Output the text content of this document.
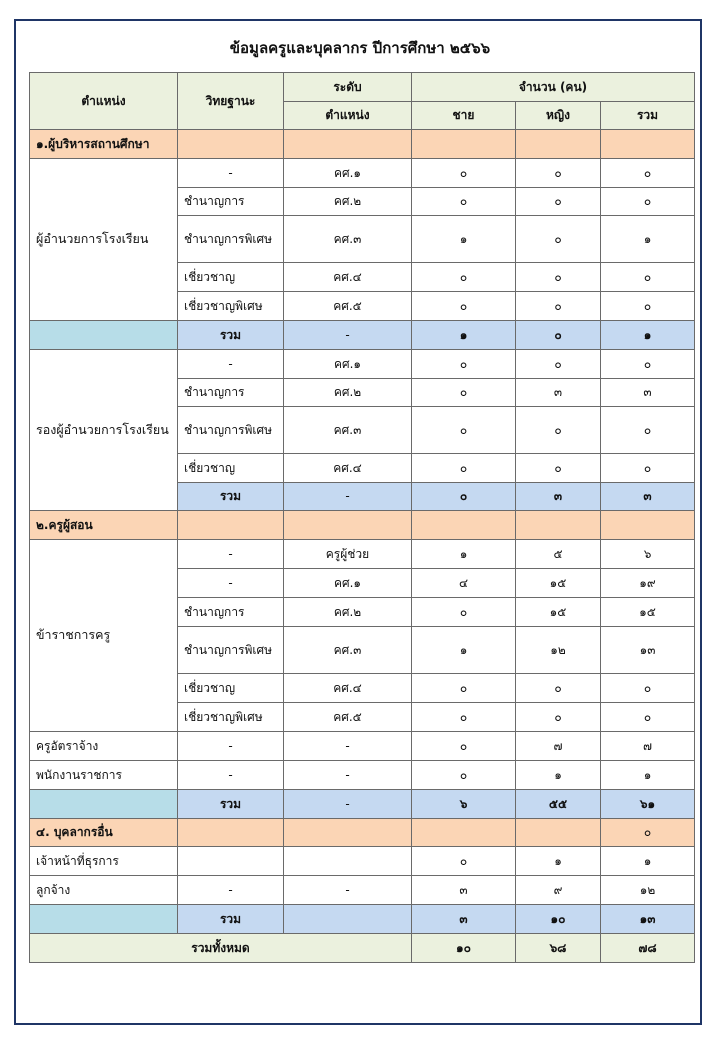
ข้อมูลครูและบุคลากร ปีการศึกษา ๒๕๖๖
ตำแหน่ง	วิทยฐานะ	ระดับ	จำนวน (คน)		
		ตำแหน่ง	ชาย	หญิง	รวม
๑.ผู้บริหารสถานศึกษา					
ผู้อำนวยการโรงเรียน	-	คศ.๑	๐	๐	๐
	ชำนาญการ	คศ.๒	๐	๐	๐
	ชำนาญการพิเศษ	คศ.๓	๑	๐	๑
	เชี่ยวชาญ	คศ.๔	๐	๐	๐
	เชี่ยวชาญพิเศษ	คศ.๕	๐	๐	๐
	รวม	-	๑	๐	๑
รองผู้อำนวยการโรงเรียน	-	คศ.๑	๐	๐	๐
	ชำนาญการ	คศ.๒	๐	๓	๓
	ชำนาญการพิเศษ	คศ.๓	๐	๐	๐
	เชี่ยวชาญ	คศ.๔	๐	๐	๐
	รวม	-	๐	๓	๓
๒.ครูผู้สอน					
ข้าราชการครู	-	ครูผู้ช่วย	๑	๕	๖
	-	คศ.๑	๔	๑๕	๑๙
	ชำนาญการ	คศ.๒	๐	๑๕	๑๕
	ชำนาญการพิเศษ	คศ.๓	๑	๑๒	๑๓
	เชี่ยวชาญ	คศ.๔	๐	๐	๐
	เชี่ยวชาญพิเศษ	คศ.๕	๐	๐	๐
ครูอัตราจ้าง	-	-	๐	๗	๗
พนักงานราชการ	-	-	๐	๑	๑
	รวม	-	๖	๕๕	๖๑
๔. บุคลากรอื่น					๐
เจ้าหน้าที่ธุรการ			๐	๑	๑
ลูกจ้าง	-	-	๓	๙	๑๒
	รวม		๓	๑๐	๑๓
รวมทั้งหมด			๑๐	๖๘	๗๘
